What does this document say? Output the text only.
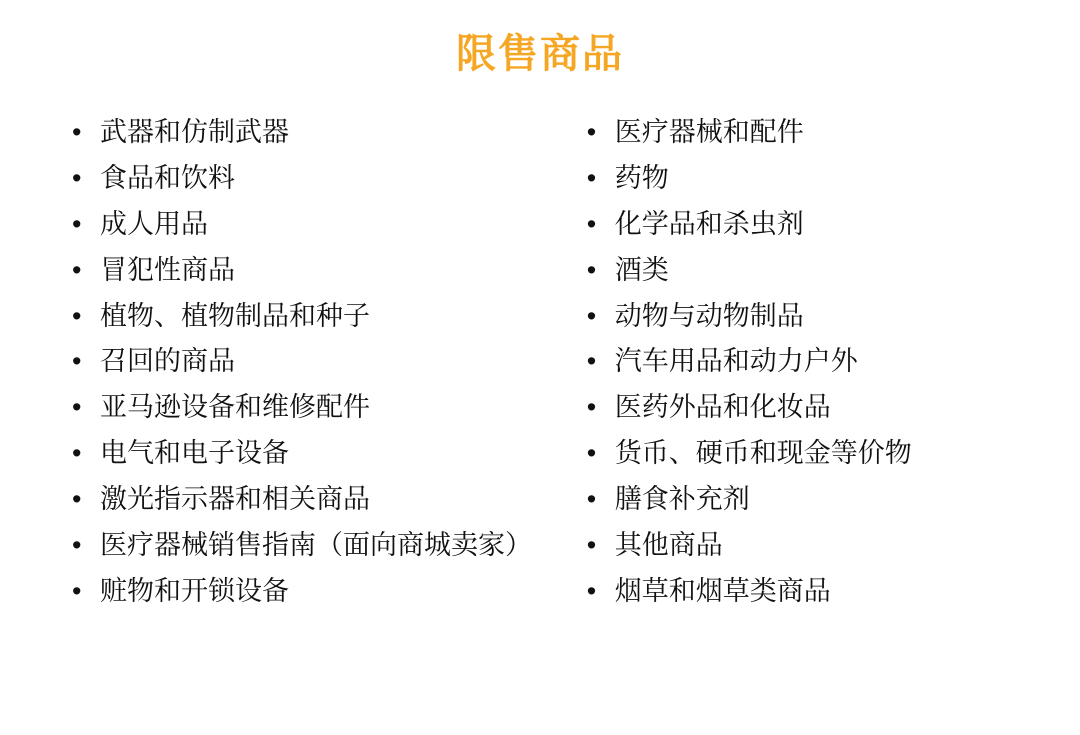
限售商品
• 武器和仿制武器
• 食品和饮料
• 成人用品
• 冒犯性商品
• 植物、植物制品和种子
• 召回的商品
• 亚马逊设备和维修配件
• 电气和电子设备
• 激光指示器和相关商品
• 医疗器械销售指南（面向商城卖家）
• 赃物和开锁设备
• 医疗器械和配件
• 药物
• 化学品和杀虫剂
• 酒类
• 动物与动物制品
• 汽车用品和动力户外
• 医药外品和化妆品
• 货币、硬币和现金等价物
• 膳食补充剂
• 其他商品
• 烟草和烟草类商品
